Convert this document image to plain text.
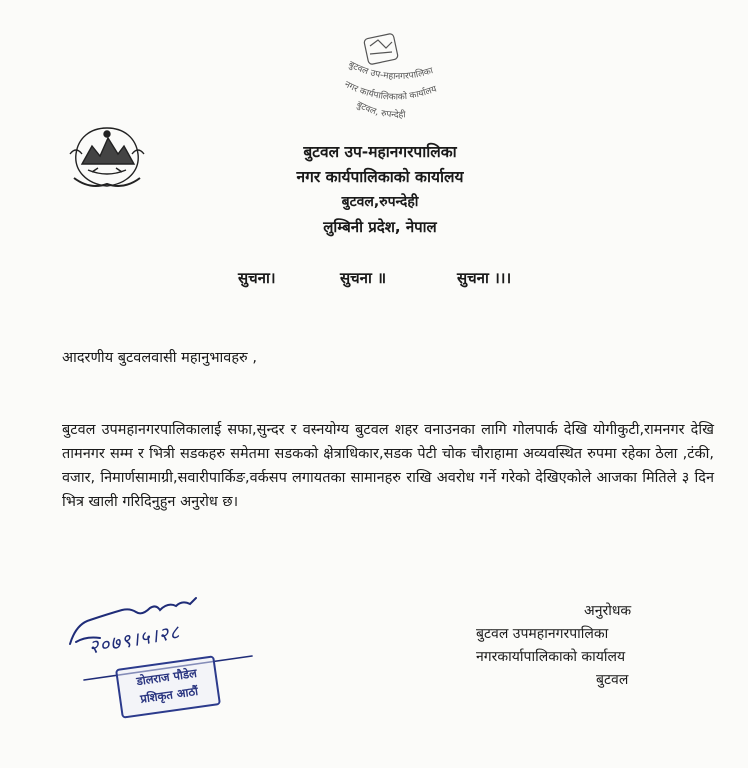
बुटवल उप-महानगरपालिका
नगर कार्यपालिकाको कार्यालय
बुटवल, रुपन्देही
बुटवल उप-महानगरपालिका
नगर कार्यपालिकाको कार्यालय
बुटवल,रुपन्देही
लुम्बिनी प्रदेश, नेपाल
सुचना।	सुचना ॥	सुचना ।।।
आदरणीय बुटवलवासी महानुभावहरु ,
बुटवल उपमहानगरपालिकालाई सफा,सुन्दर र वस्नयोग्य बुटवल शहर वनाउनका लागि गोलपार्क देखि योगीकुटी,रामनगर देखि तामनगर सम्म र भित्री सडकहरु समेतमा सडकको क्षेत्राधिकार,सडक पेटी चोक चौराहामा अव्यवस्थित रुपमा रहेका ठेला ,टंकी, वजार, निमार्णसामाग्री,सवारीपार्किङ,वर्कसप लगायतका सामानहरु राखि अवरोध गर्ने गरेको देखिएकोले आजका मितिले ३ दिन भित्र खाली गरिदिनुहुन अनुरोध छ।
२०७९।५।२८
डोलराज पौडेल
प्रशिकृत आठौं
अनुरोधक
बुटवल उपमहानगरपालिका
नगरकार्यापालिकाको कार्यालय
बुटवल
